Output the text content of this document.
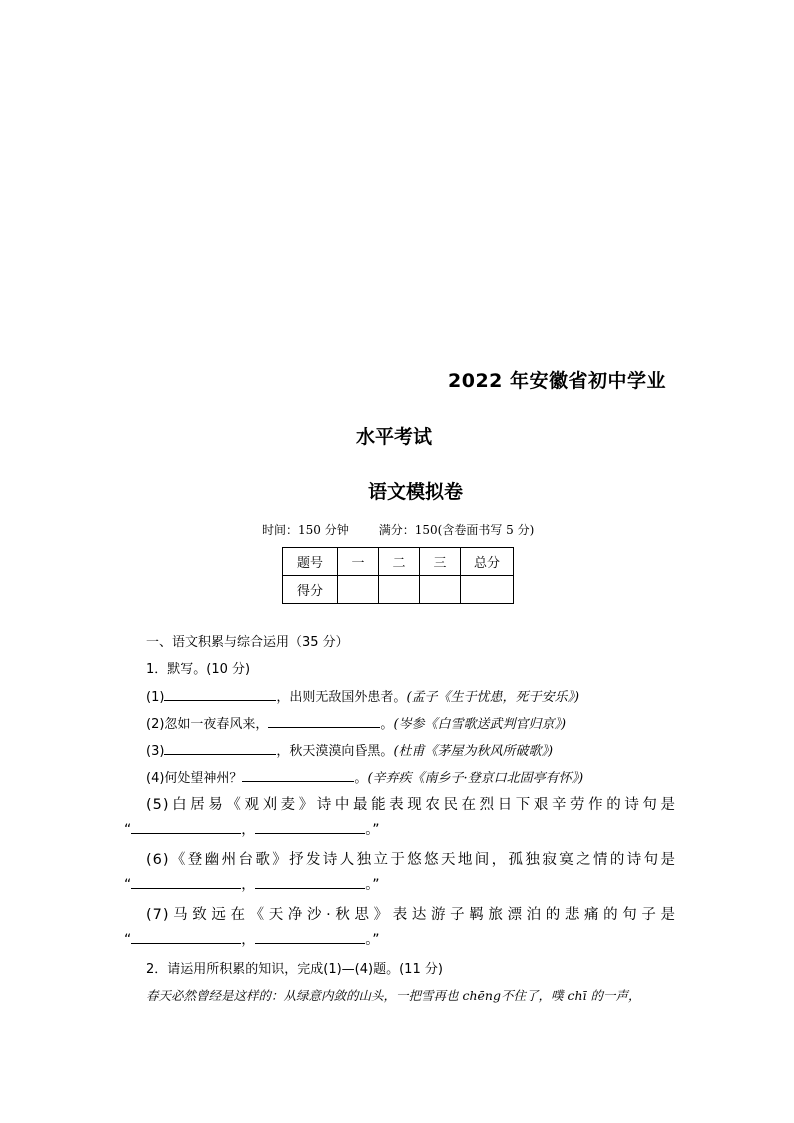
2022 年安徽省初中学业
水平考试
语文模拟卷
时间：150 分钟	满分：150(含卷面书写 5 分)
题号	一	二	三	总分
得分				
一、语文积累与综合运用（35 分）
1．默写。(10 分)
(1)	，出则无敌国外患者。(孟子《生于忧患，死于安乐》)
(2)忽如一夜春风来，	。(岑参《白雪歌送武判官归京》)
(3)	，秋天漠漠向昏黑。(杜甫《茅屋为秋风所破歌》)
(4)何处望神州？	。(辛弃疾《南乡子·登京口北固亭有怀》)
(5)白居易《观刈麦》诗中最能表现农民在烈日下艰辛劳作的诗句是
“	，	。”
(6)《登幽州台歌》抒发诗人独立于悠悠天地间，孤独寂寞之情的诗句是
“	，	。”
(7)马致远在《天净沙·秋思》表达游子羁旅漂泊的悲痛的句子是
“	，	。”
2．请运用所积累的知识，完成(1)—(4)题。(11 分)
春天必然曾经是这样的：从绿意内敛的山头，一把雪再也 chēng不住了，噗 chī 的一声，
